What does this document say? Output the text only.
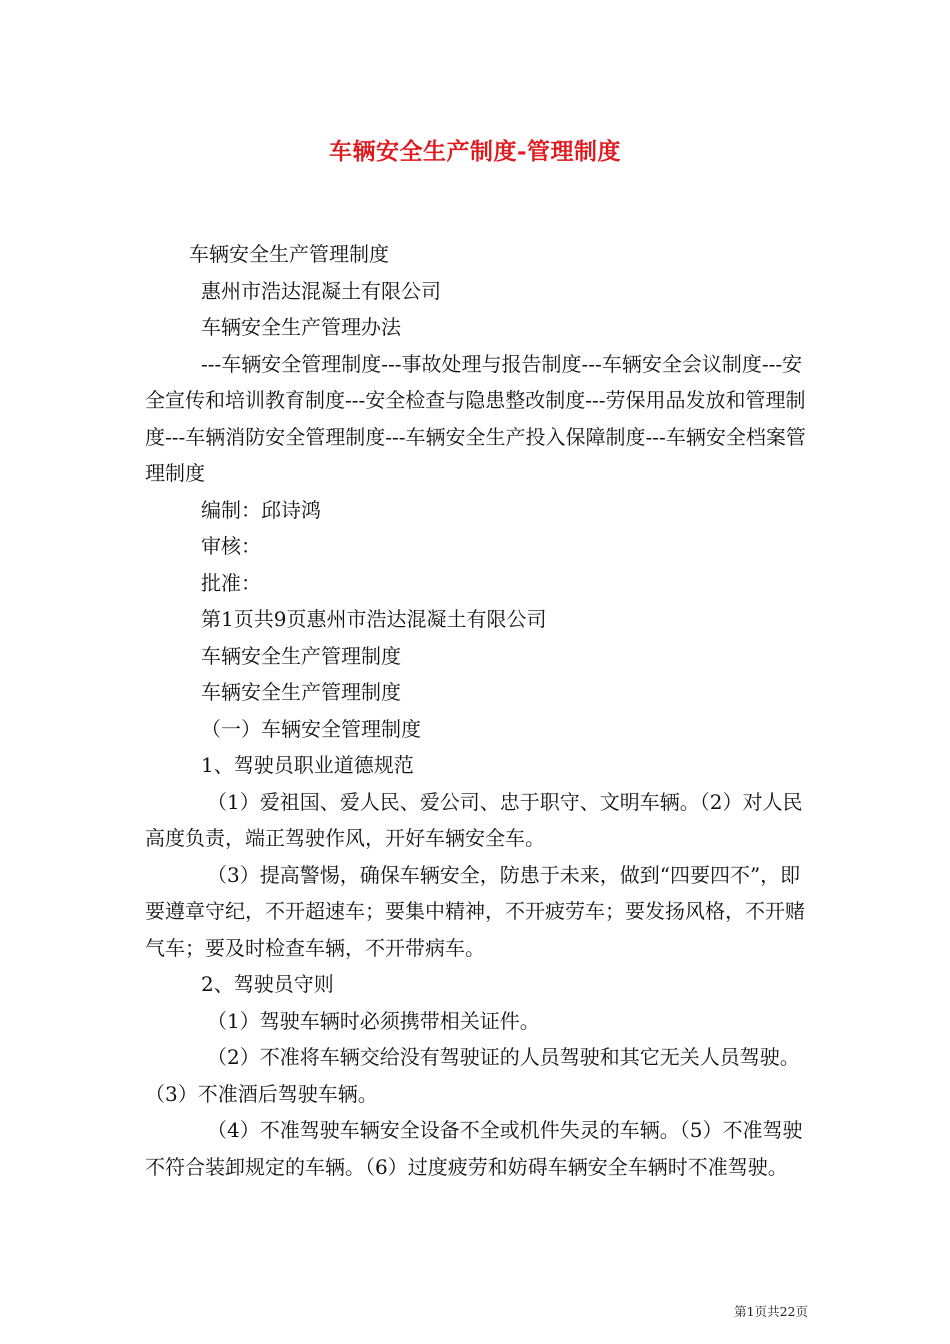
车辆安全生产制度-管理制度

车辆安全生产管理制度

惠州市浩达混凝土有限公司

车辆安全生产管理办法

---车辆安全管理制度---事故处理与报告制度---车辆安全会议制度---安全宣传和培训教育制度---安全检查与隐患整改制度---劳保用品发放和管理制度---车辆消防安全管理制度---车辆安全生产投入保障制度---车辆安全档案管理制度

编制：邱诗鸿

审核：

批准：

第1页共9页惠州市浩达混凝土有限公司

车辆安全生产管理制度

车辆安全生产管理制度

（一）车辆安全管理制度

1、驾驶员职业道德规范

（1）爱祖国、爱人民、爱公司、忠于职守、文明车辆。（2）对人民高度负责，端正驾驶作风，开好车辆安全车。

（3）提高警惕，确保车辆安全，防患于未来，做到“四要四不”，即要遵章守纪，不开超速车；要集中精神，不开疲劳车；要发扬风格，不开赌气车；要及时检查车辆，不开带病车。

2、驾驶员守则

（1）驾驶车辆时必须携带相关证件。

（2）不准将车辆交给没有驾驶证的人员驾驶和其它无关人员驾驶。（3）不准酒后驾驶车辆。

（4）不准驾驶车辆安全设备不全或机件失灵的车辆。（5）不准驾驶不符合装卸规定的车辆。（6）过度疲劳和妨碍车辆安全车辆时不准驾驶。

第1页共22页
